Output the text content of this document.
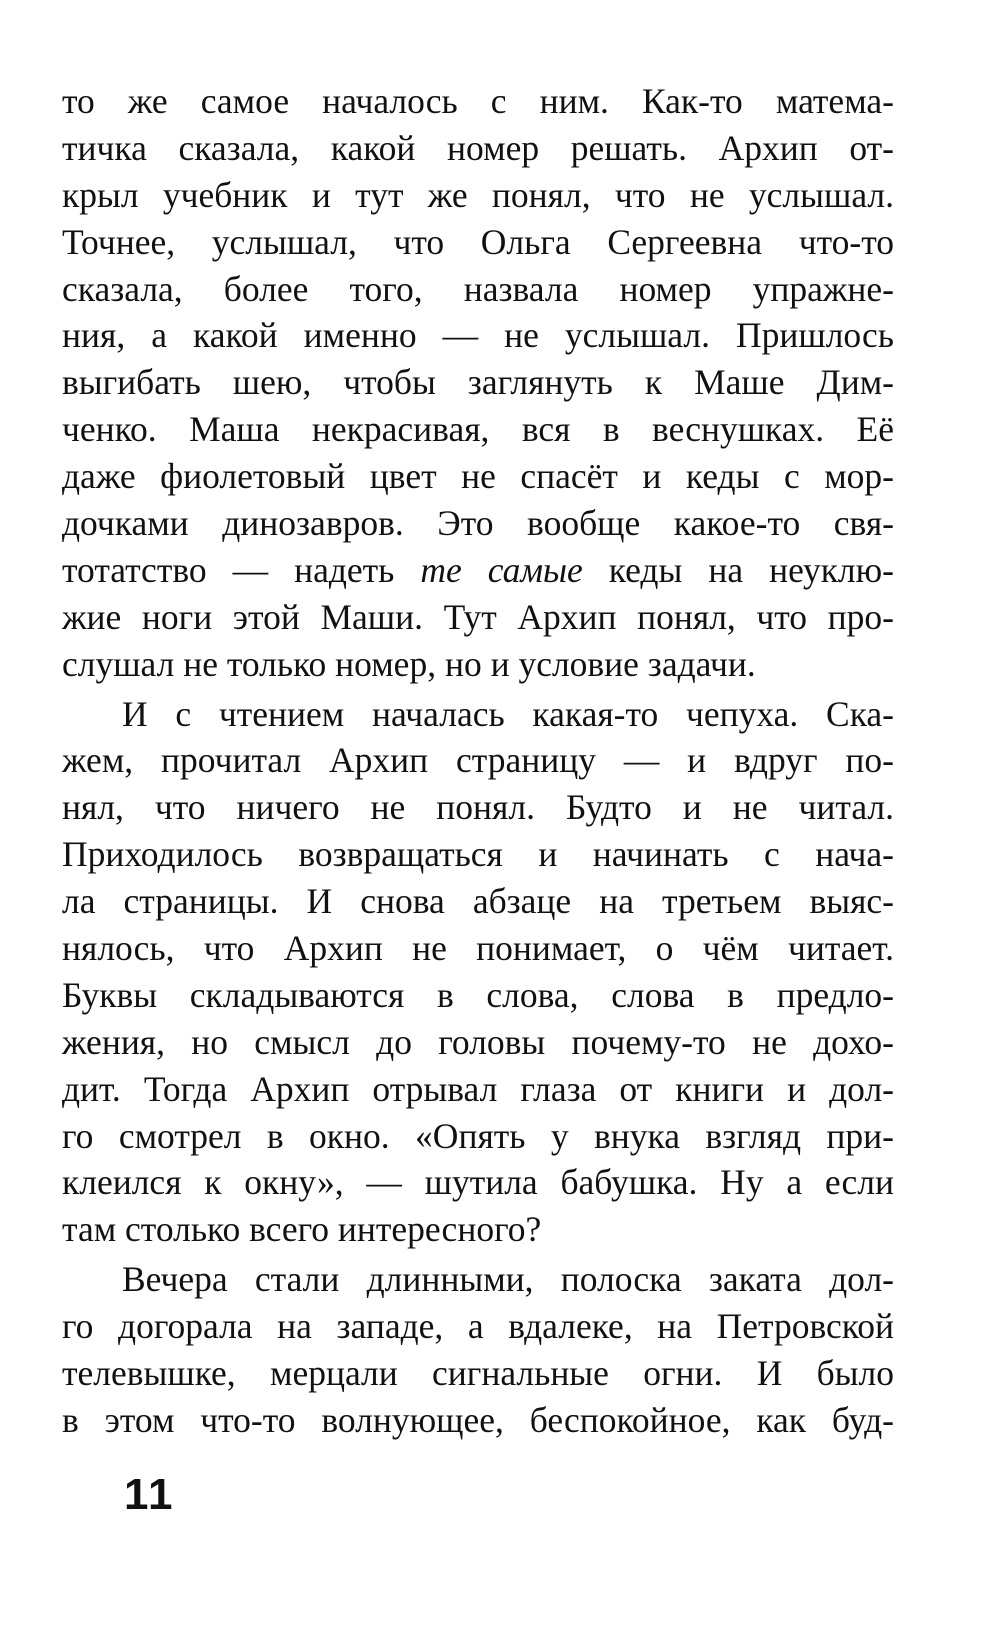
то же самое началось с ним. Как-то матема-
тичка сказала, какой номер решать. Архип от-
крыл учебник и тут же понял, что не услышал.
Точнее, услышал, что Ольга Сергеевна что-то
сказала, более того, назвала номер упражне-
ния, а какой именно — не услышал. Пришлось
выгибать шею, чтобы заглянуть к Маше Дим-
ченко. Маша некрасивая, вся в веснушках. Её
даже фиолетовый цвет не спасёт и кеды с мор-
дочками динозавров. Это вообще какое-то свя-
тотатство — надеть те самые кеды на неуклю-
жие ноги этой Маши. Тут Архип понял, что про-
слушал не только номер, но и условие задачи.
И с чтением началась какая-то чепуха. Ска-
жем, прочитал Архип страницу — и вдруг по-
нял, что ничего не понял. Будто и не читал.
Приходилось возвращаться и начинать с нача-
ла страницы. И снова абзаце на третьем выяс-
нялось, что Архип не понимает, о чём читает.
Буквы складываются в слова, слова в предло-
жения, но смысл до головы почему-то не дохо-
дит. Тогда Архип отрывал глаза от книги и дол-
го смотрел в окно. «Опять у внука взгляд при-
клеился к окну», — шутила бабушка. Ну а если
там столько всего интересного?
Вечера стали длинными, полоска заката дол-
го догорала на западе, а вдалеке, на Петровской
телевышке, мерцали сигнальные огни. И было
в этом что-то волнующее, беспокойное, как буд-
11
